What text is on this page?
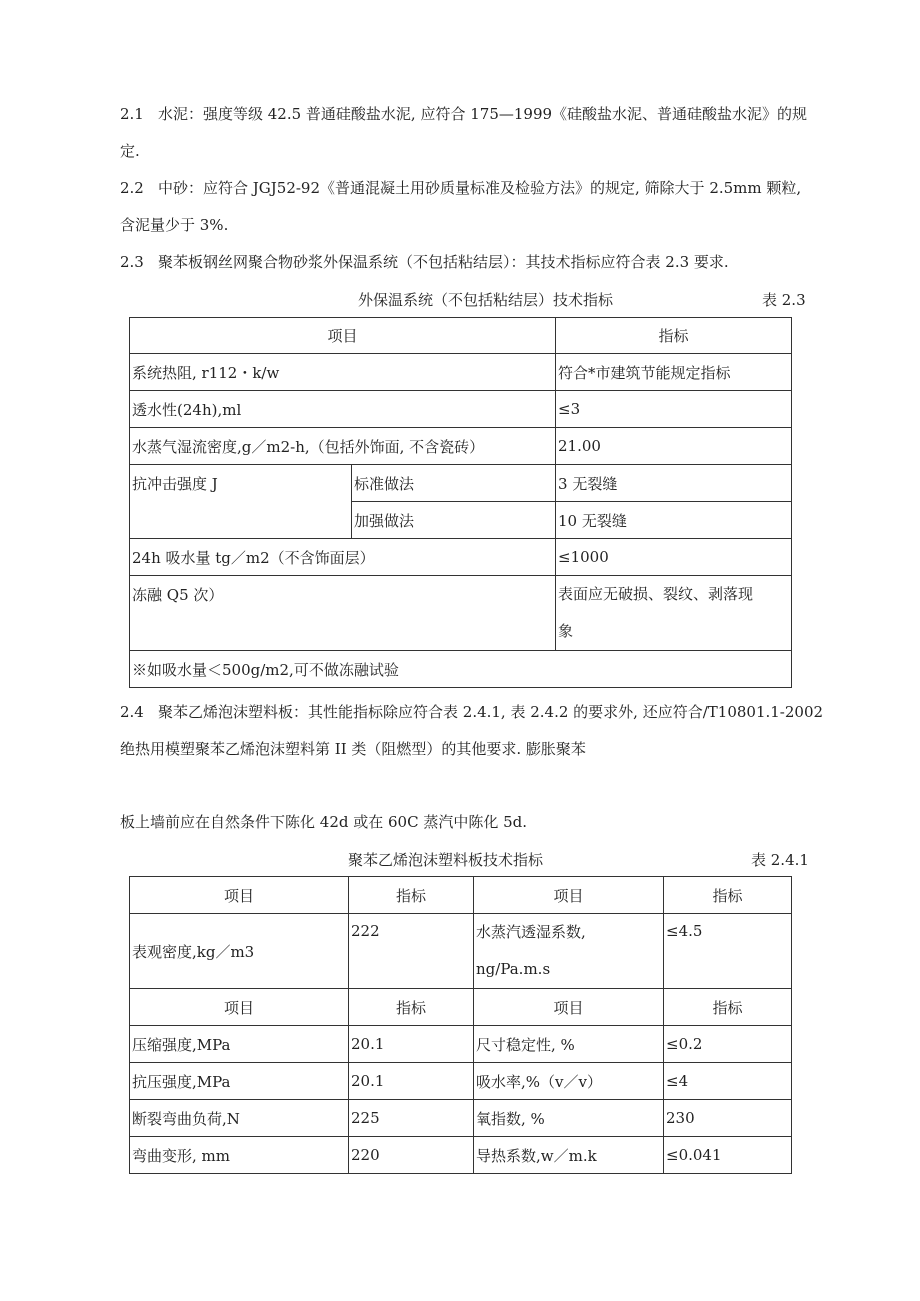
2.1 水泥：强度等级 42.5 普通硅酸盐水泥, 应符合 175—1999《硅酸盐水泥、普通硅酸盐水泥》的规
定.
2.2 中砂：应符合 JGJ52-92《普通混凝土用砂质量标准及检验方法》的规定, 筛除大于 2.5mm 颗粒,
含泥量少于 3%.
2.3 聚苯板钢丝网聚合物砂浆外保温系统（不包括粘结层）：其技术指标应符合表 2.3 要求.
外保温系统（不包括粘结层）技术指标	表 2.3
项目		指标
系统热阻, r112・k/w		符合*市建筑节能规定指标
透水性(24h),ml		≤3
水蒸气湿流密度,g／m2-h,（包括外饰面, 不含瓷砖）		21.00
抗冲击强度 J	标准做法	3 无裂缝
	加强做法	10 无裂缝
24h 吸水量 tg／m2（不含饰面层）		≤1000
冻融 Q5 次）		表面应无破损、裂纹、剥落现
象

※如吸水量＜500g/m2,可不做冻融试验		
2.4 聚苯乙烯泡沫塑料板：其性能指标除应符合表 2.4.1, 表 2.4.2 的要求外, 还应符合/T10801.1-2002
绝热用模塑聚苯乙烯泡沫塑料第 II 类（阻燃型）的其他要求. 膨胀聚苯
板上墙前应在自然条件下陈化 42d 或在 60C 蒸汽中陈化 5d.
聚苯乙烯泡沫塑料板技术指标	表 2.4.1
项目	指标	项目	指标
表观密度,kg／m3	222	水蒸汽透湿系数,
ng/Pa.m.s	≤4.5
项目	指标	项目	指标
压缩强度,MPa	20.1	尺寸稳定性, %	≤0.2
抗压强度,MPa	20.1	吸水率,%（v／v）	≤4
断裂弯曲负荷,N	225	氧指数, %	230
弯曲变形, mm	220	导热系数,w／m.k	≤0.041
